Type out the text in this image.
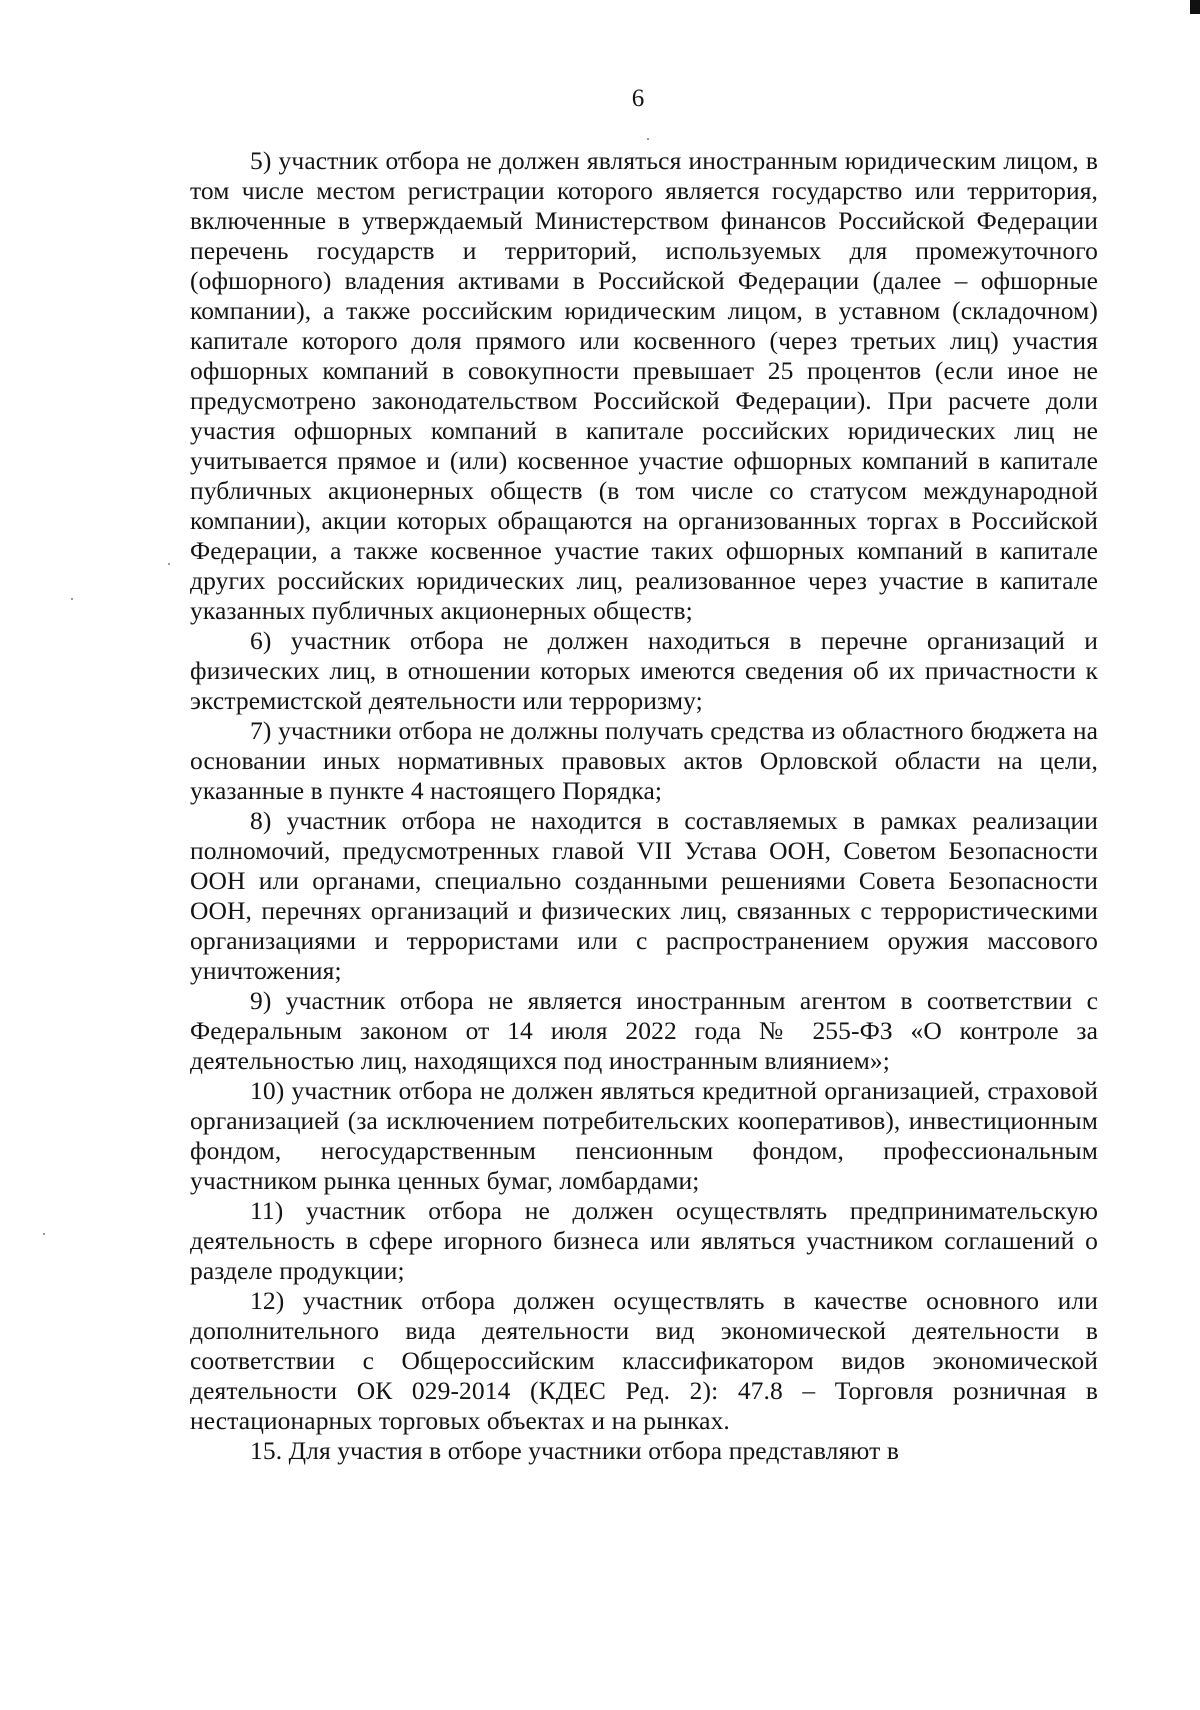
6

5) участник отбора не должен являться иностранным юридическим лицом, в том числе местом регистрации которого является государство или территория, включенные в утверждаемый Министерством финансов Российской Федерации перечень государств и территорий, используемых для промежуточного (офшорного) владения активами в Российской Федерации (далее – офшорные компании), а также российским юридическим лицом, в уставном (складочном) капитале которого доля прямого или косвенного (через третьих лиц) участия офшорных компаний в совокупности превышает 25 процентов (если иное не предусмотрено законодательством Российской Федерации). При расчете доли участия офшорных компаний в капитале российских юридических лиц не учитывается прямое и (или) косвенное участие офшорных компаний в капитале публичных акционерных обществ (в том числе со статусом международной компании), акции которых обращаются на организованных торгах в Российской Федерации, а также косвенное участие таких офшорных компаний в капитале других российских юридических лиц, реализованное через участие в капитале указанных публичных акционерных обществ;

6) участник отбора не должен находиться в перечне организаций и физических лиц, в отношении которых имеются сведения об их причастности к экстремистской деятельности или терроризму;

7) участники отбора не должны получать средства из областного бюджета на основании иных нормативных правовых актов Орловской области на цели, указанные в пункте 4 настоящего Порядка;

8) участник отбора не находится в составляемых в рамках реализации полномочий, предусмотренных главой VII Устава ООН, Советом Безопасности ООН или органами, специально созданными решениями Совета Безопасности ООН, перечнях организаций и физических лиц, связанных с террористическими организациями и террористами или с распространением оружия массового уничтожения;

9) участник отбора не является иностранным агентом в соответствии с Федеральным законом от 14 июля 2022 года № 255-ФЗ «О контроле за деятельностью лиц, находящихся под иностранным влиянием»;

10) участник отбора не должен являться кредитной организацией, страховой организацией (за исключением потребительских кооперативов), инвестиционным фондом, негосударственным пенсионным фондом, профессиональным участником рынка ценных бумаг, ломбардами;

11) участник отбора не должен осуществлять предпринимательскую деятельность в сфере игорного бизнеса или являться участником соглашений о разделе продукции;

12) участник отбора должен осуществлять в качестве основного или дополнительного вида деятельности вид экономической деятельности в соответствии с Общероссийским классификатором видов экономической деятельности ОК 029-2014 (КДЕС Ред. 2): 47.8 – Торговля розничная в нестационарных торговых объектах и на рынках.

15. Для участия в отборе участники отбора представляют в
